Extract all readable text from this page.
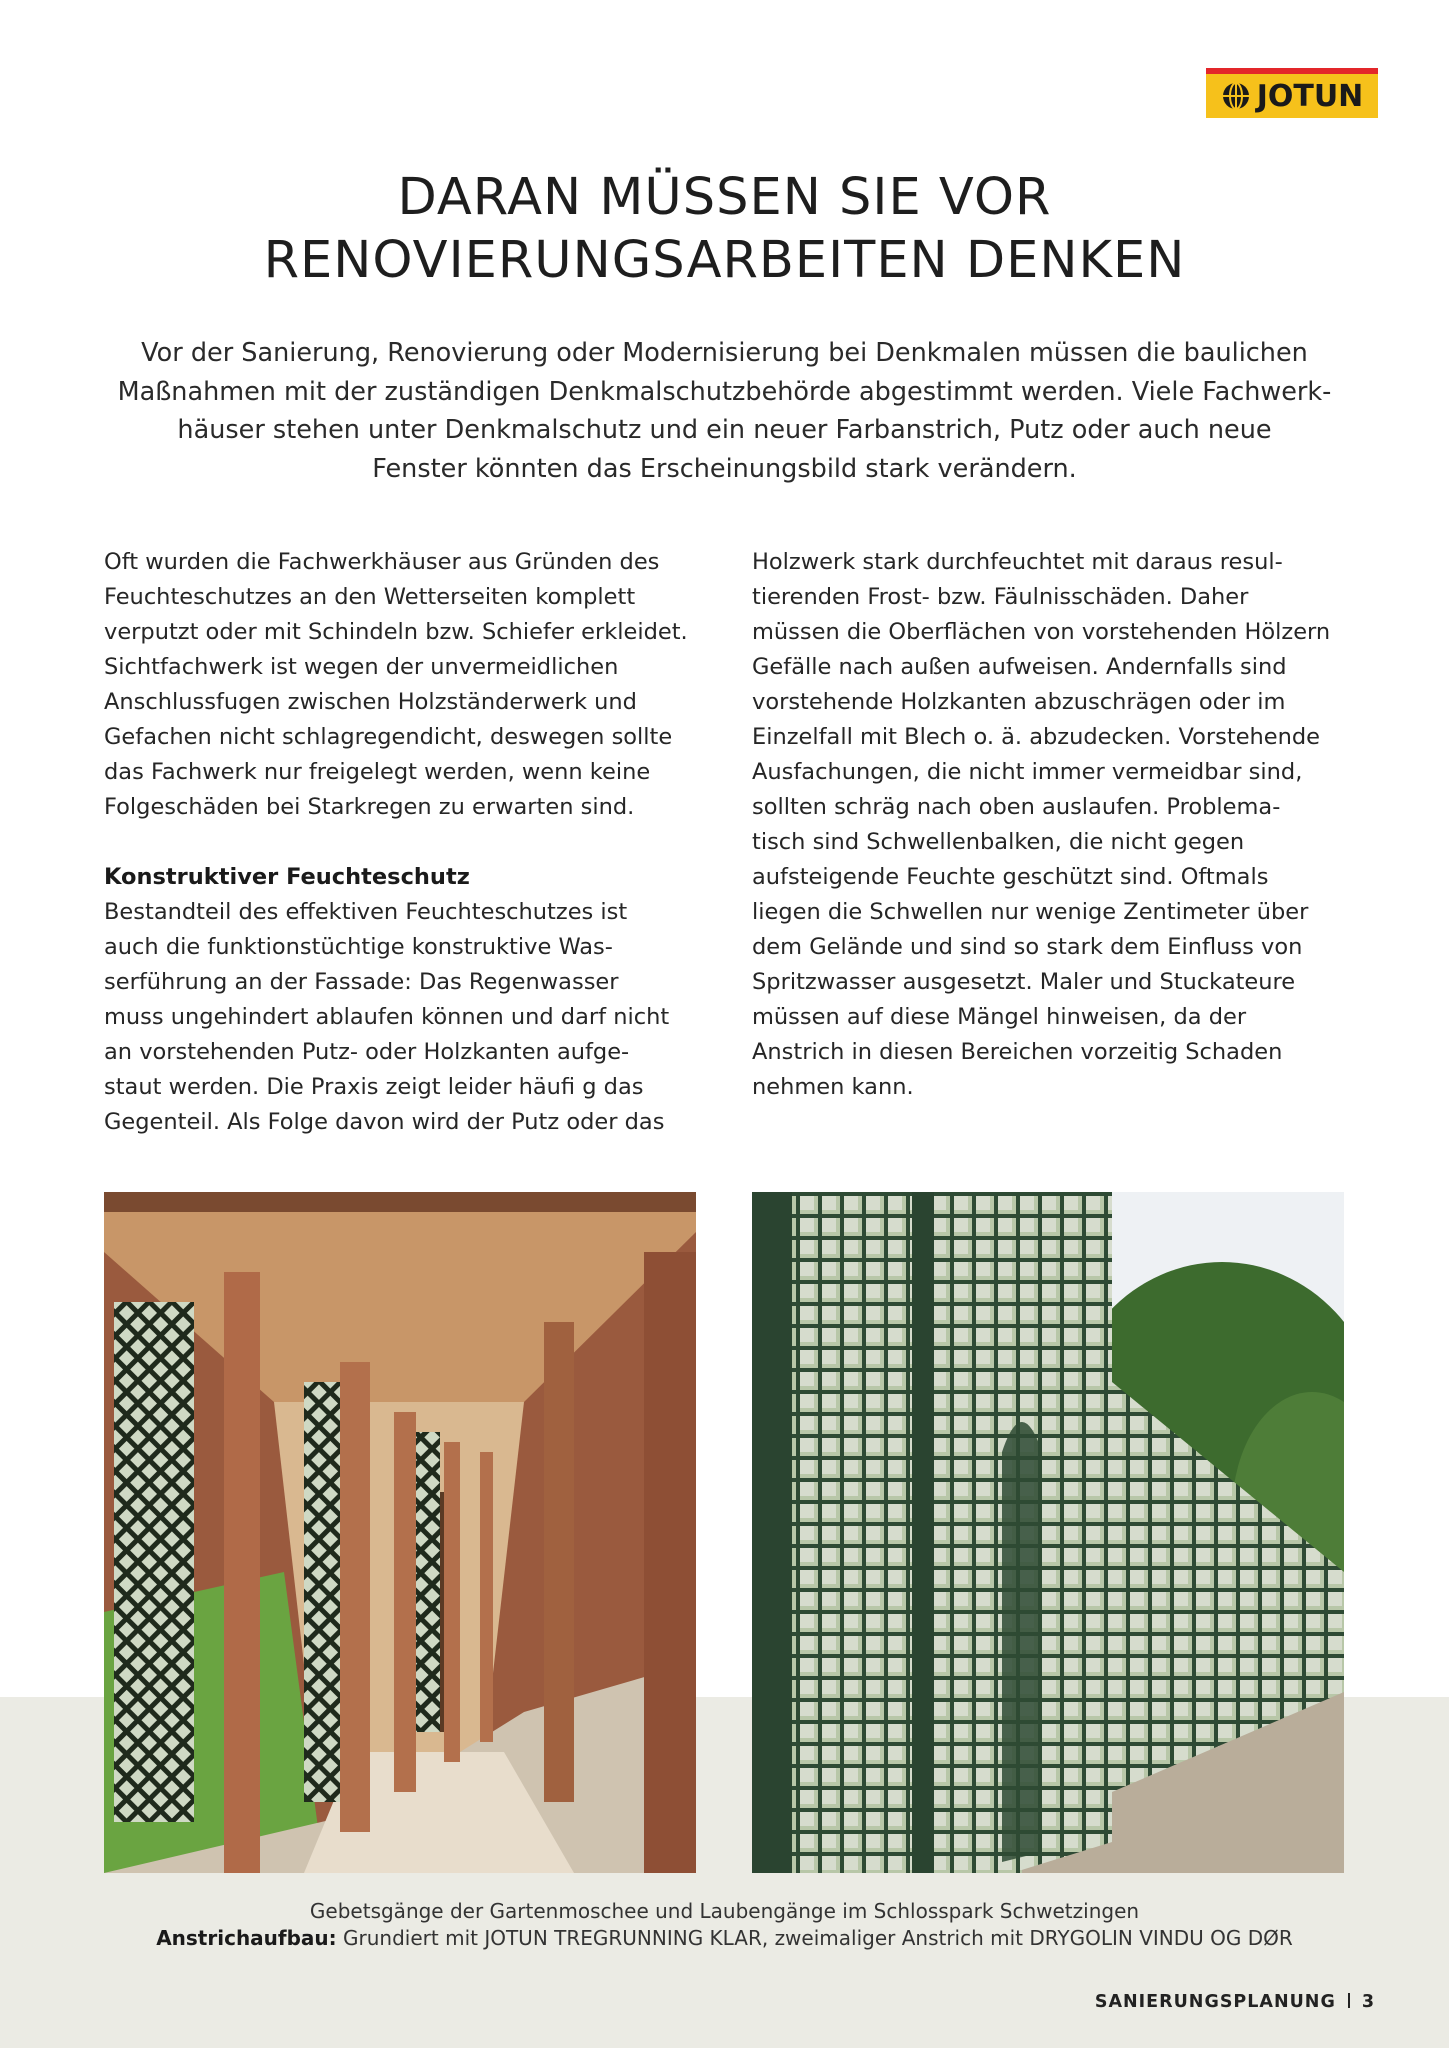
JOTUN
DARAN MÜSSEN SIE VOR
RENOVIERUNGSARBEITEN DENKEN

Vor der Sanierung, Renovierung oder Modernisierung bei Denkmalen müssen die baulichen
Maßnahmen mit der zuständigen Denkmalschutzbehörde abgestimmt werden. Viele Fachwerk-
häuser stehen unter Denkmalschutz und ein neuer Farbanstrich, Putz oder auch neue
Fenster könnten das Erscheinungsbild stark verändern.

Oft wurden die Fachwerkhäuser aus Gründen des
Feuchteschutzes an den Wetterseiten komplett
verputzt oder mit Schindeln bzw. Schiefer erkleidet.
Sichtfachwerk ist wegen der unvermeidlichen
Anschlussfugen zwischen Holzständerwerk und
Gefachen nicht schlagregendicht, deswegen sollte
das Fachwerk nur freigelegt werden, wenn keine
Folgeschäden bei Starkregen zu erwarten sind.

Konstruktiver Feuchteschutz

Bestandteil des effektiven Feuchteschutzes ist
auch die funktionstüchtige konstruktive Was-
serführung an der Fassade: Das Regenwasser
muss ungehindert ablaufen können und darf nicht
an vorstehenden Putz- oder Holzkanten aufge-
staut werden. Die Praxis zeigt leider häufi g das
Gegenteil. Als Folge davon wird der Putz oder das

Holzwerk stark durchfeuchtet mit daraus resul-
tierenden Frost- bzw. Fäulnisschäden. Daher
müssen die Oberflächen von vorstehenden Hölzern
Gefälle nach außen aufweisen. Andernfalls sind
vorstehende Holzkanten abzuschrägen oder im
Einzelfall mit Blech o. ä. abzudecken. Vorstehende
Ausfachungen, die nicht immer vermeidbar sind,
sollten schräg nach oben auslaufen. Problema-
tisch sind Schwellenbalken, die nicht gegen
aufsteigende Feuchte geschützt sind. Oftmals
liegen die Schwellen nur wenige Zentimeter über
dem Gelände und sind so stark dem Einfluss von
Spritzwasser ausgesetzt. Maler und Stuckateure
müssen auf diese Mängel hinweisen, da der
Anstrich in diesen Bereichen vorzeitig Schaden
nehmen kann.

Gebetsgänge der Gartenmoschee und Laubengänge im Schlosspark Schwetzingen
Anstrichaufbau: Grundiert mit JOTUN TREGRUNNING KLAR, zweimaliger Anstrich mit DRYGOLIN VINDU OG DØR
SANIERUNGSPLANUNG 3
